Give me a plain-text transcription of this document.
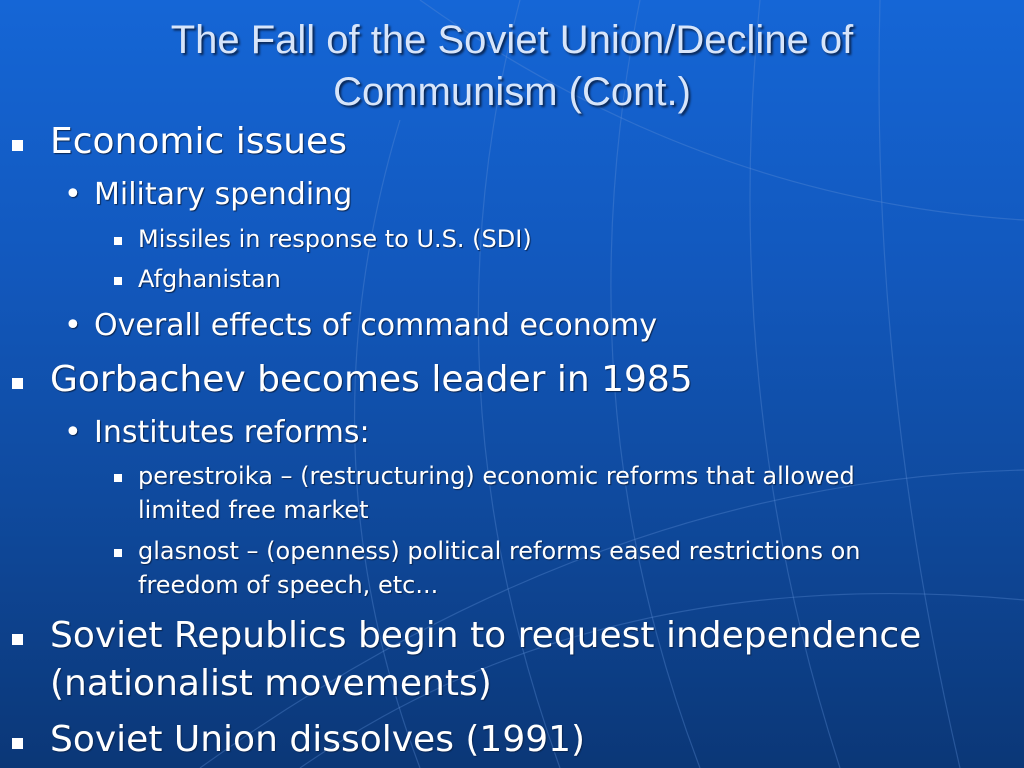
The Fall of the Soviet Union/Decline of
Communism (Cont.)
Economic issues
• Military spending
Missiles in response to U.S. (SDI)
Afghanistan
• Overall effects of command economy
Gorbachev becomes leader in 1985
• Institutes reforms:
perestroika – (restructuring) economic reforms that allowed
limited free market
glasnost – (openness) political reforms eased restrictions on
freedom of speech, etc...
Soviet Republics begin to request independence
(nationalist movements)
Soviet Union dissolves (1991)
